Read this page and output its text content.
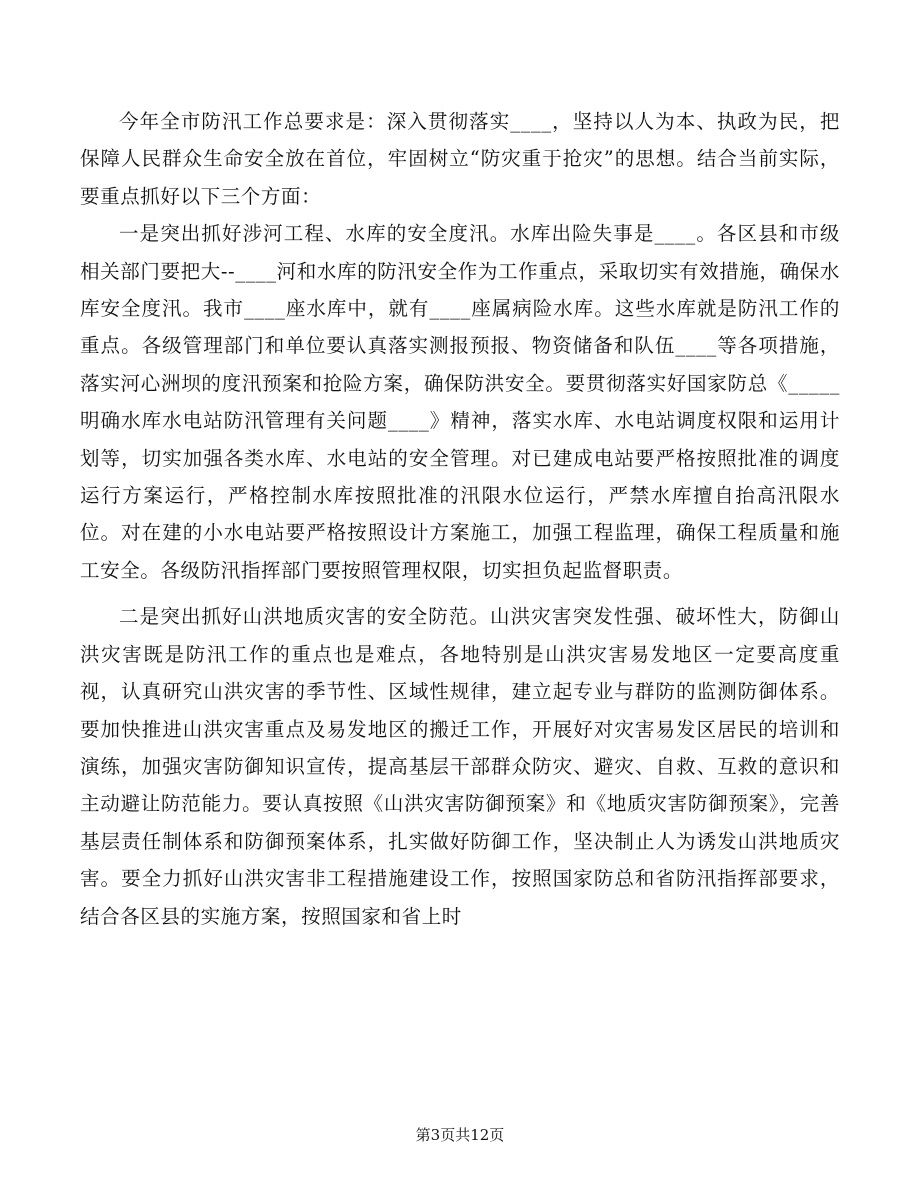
今年全市防汛工作总要求是：深入贯彻落实____，坚持以人为本、执政为民，把保障人民群众生命安全放在首位，牢固树立“防灾重于抢灾”的思想。结合当前实际，要重点抓好以下三个方面：

一是突出抓好涉河工程、水库的安全度汛。水库出险失事是____。各区县和市级相关部门要把大--____河和水库的防汛安全作为工作重点，采取切实有效措施，确保水库安全度汛。我市____座水库中，就有____座属病险水库。这些水库就是防汛工作的重点。各级管理部门和单位要认真落实测报预报、物资储备和队伍____等各项措施，落实河心洲坝的度汛预案和抢险方案，确保防洪安全。要贯彻落实好国家防总《_____明确水库水电站防汛管理有关问题____》精神，落实水库、水电站调度权限和运用计划等，切实加强各类水库、水电站的安全管理。对已建成电站要严格按照批准的调度运行方案运行，严格控制水库按照批准的汛限水位运行，严禁水库擅自抬高汛限水位。对在建的小水电站要严格按照设计方案施工，加强工程监理，确保工程质量和施工安全。各级防汛指挥部门要按照管理权限，切实担负起监督职责。

二是突出抓好山洪地质灾害的安全防范。山洪灾害突发性强、破坏性大，防御山洪灾害既是防汛工作的重点也是难点，各地特别是山洪灾害易发地区一定要高度重视，认真研究山洪灾害的季节性、区域性规律，建立起专业与群防的监测防御体系。要加快推进山洪灾害重点及易发地区的搬迁工作，开展好对灾害易发区居民的培训和演练，加强灾害防御知识宣传，提高基层干部群众防灾、避灾、自救、互救的意识和主动避让防范能力。要认真按照《山洪灾害防御预案》和《地质灾害防御预案》，完善基层责任制体系和防御预案体系，扎实做好防御工作，坚决制止人为诱发山洪地质灾害。要全力抓好山洪灾害非工程措施建设工作，按照国家防总和省防汛指挥部要求，结合各区县的实施方案，按照国家和省上时

第3页共12页
